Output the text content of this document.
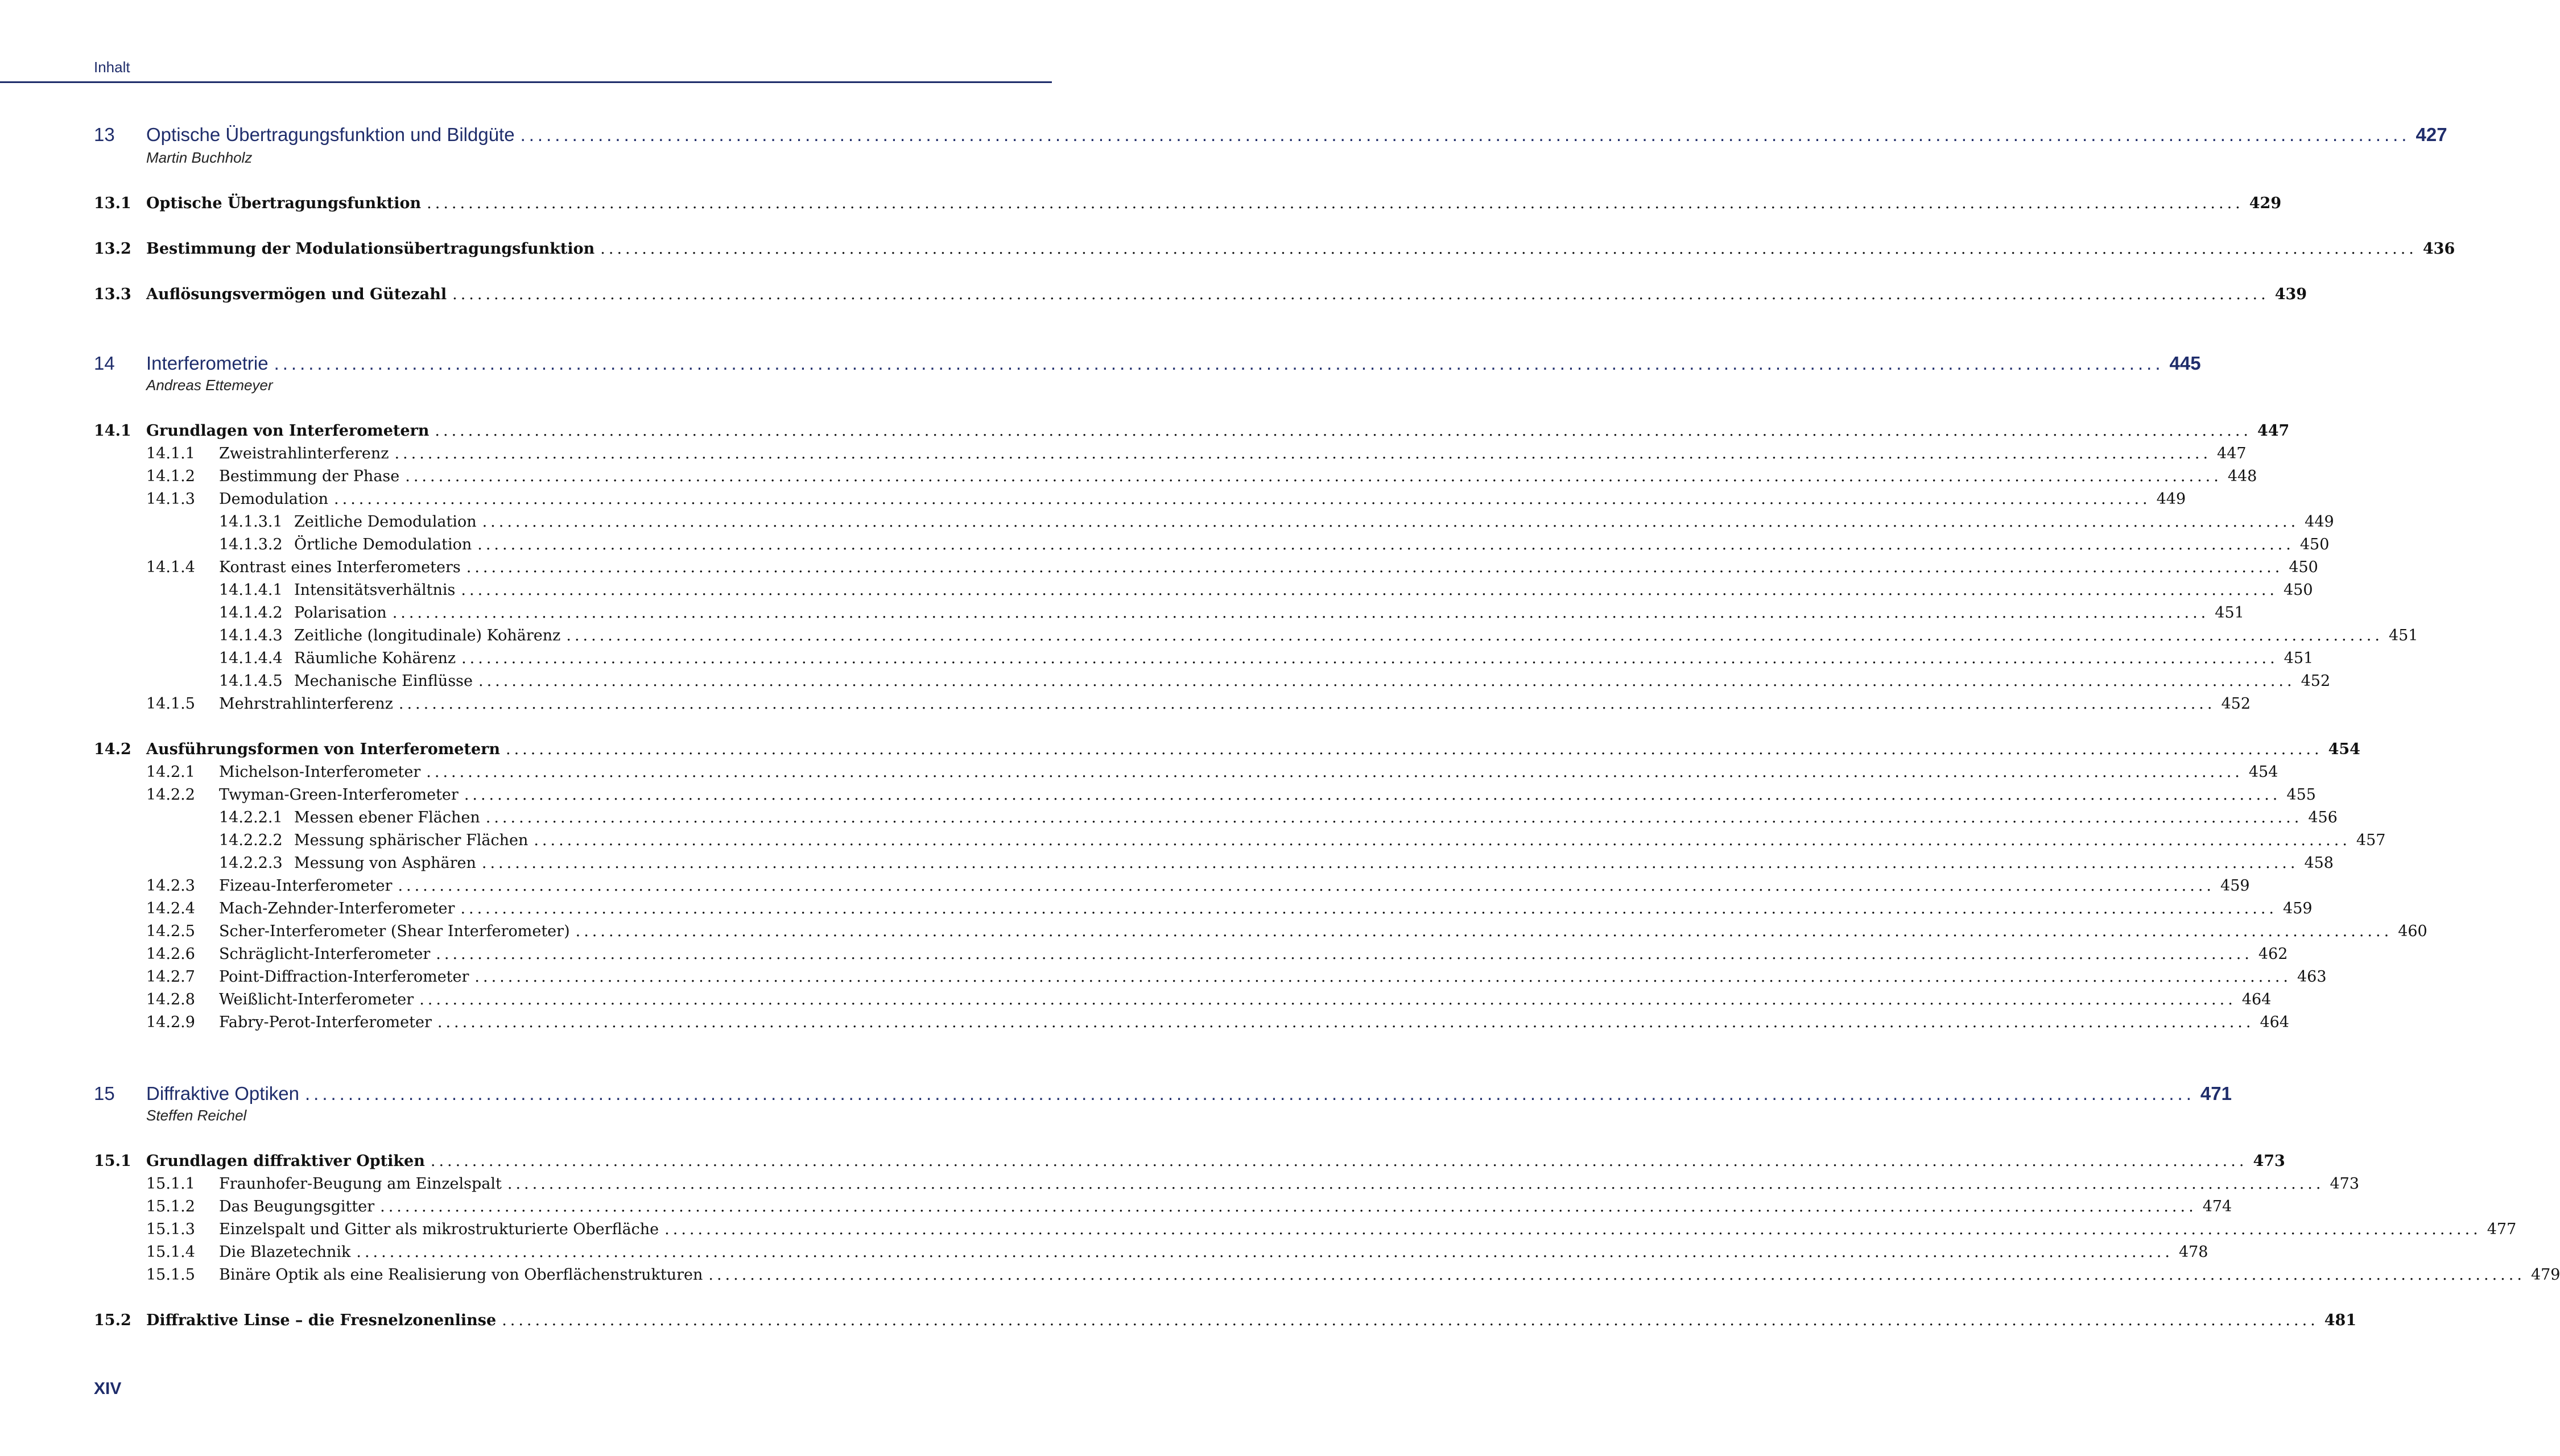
Inhalt
13	Optische Übertragungsfunktion und Bildgüte ........................................................................................................................................................................................................................... 427
Martin Buchholz
13.1 Optische Übertragungsfunktion ........................................................................................................................................................................................................................... 429
13.2 Bestimmung der Modulationsübertragungsfunktion ........................................................................................................................................................................................................................... 436
13.3 Auflösungsvermögen und Gütezahl ........................................................................................................................................................................................................................... 439
14	Interferometrie ........................................................................................................................................................................................................................... 445
Andreas Ettemeyer
14.1 Grundlagen von Interferometern ........................................................................................................................................................................................................................... 447
14.1.1	Zweistrahlinterferenz ........................................................................................................................................................................................................................... 447
14.1.2	Bestimmung der Phase ........................................................................................................................................................................................................................... 448
14.1.3	Demodulation ........................................................................................................................................................................................................................... 449
14.1.3.1 Zeitliche Demodulation ........................................................................................................................................................................................................................... 449
14.1.3.2 Örtliche Demodulation ........................................................................................................................................................................................................................... 450
14.1.4	Kontrast eines Interferometers ........................................................................................................................................................................................................................... 450
14.1.4.1 Intensitätsverhältnis ........................................................................................................................................................................................................................... 450
14.1.4.2 Polarisation ........................................................................................................................................................................................................................... 451
14.1.4.3 Zeitliche (longitudinale) Kohärenz ........................................................................................................................................................................................................................... 451
14.1.4.4 Räumliche Kohärenz ........................................................................................................................................................................................................................... 451
14.1.4.5 Mechanische Einflüsse ........................................................................................................................................................................................................................... 452
14.1.5	Mehrstrahlinterferenz ........................................................................................................................................................................................................................... 452
14.2 Ausführungsformen von Interferometern ........................................................................................................................................................................................................................... 454
14.2.1	Michelson-Interferometer ........................................................................................................................................................................................................................... 454
14.2.2	Twyman-Green-Interferometer ........................................................................................................................................................................................................................... 455
14.2.2.1 Messen ebener Flächen ........................................................................................................................................................................................................................... 456
14.2.2.2 Messung sphärischer Flächen ........................................................................................................................................................................................................................... 457
14.2.2.3 Messung von Asphären ........................................................................................................................................................................................................................... 458
14.2.3	Fizeau-Interferometer ........................................................................................................................................................................................................................... 459
14.2.4	Mach-Zehnder-Interferometer ........................................................................................................................................................................................................................... 459
14.2.5	Scher-Interferometer (Shear Interferometer) ........................................................................................................................................................................................................................... 460
14.2.6	Schräglicht-Interferometer ........................................................................................................................................................................................................................... 462
14.2.7	Point-Diffraction-Interferometer ........................................................................................................................................................................................................................... 463
14.2.8	Weißlicht-Interferometer ........................................................................................................................................................................................................................... 464
14.2.9	Fabry-Perot-Interferometer ........................................................................................................................................................................................................................... 464
15	Diffraktive Optiken ........................................................................................................................................................................................................................... 471
Steffen Reichel
15.1 Grundlagen diffraktiver Optiken ........................................................................................................................................................................................................................... 473
15.1.1	Fraunhofer-Beugung am Einzelspalt ........................................................................................................................................................................................................................... 473
15.1.2	Das Beugungsgitter ........................................................................................................................................................................................................................... 474
15.1.3	Einzelspalt und Gitter als mikrostrukturierte Oberfläche ........................................................................................................................................................................................................................... 477
15.1.4	Die Blazetechnik ........................................................................................................................................................................................................................... 478
15.1.5	Binäre Optik als eine Realisierung von Oberflächenstrukturen ........................................................................................................................................................................................................................... 479
15.2 Diffraktive Linse – die Fresnelzonenlinse ........................................................................................................................................................................................................................... 481
XIV
